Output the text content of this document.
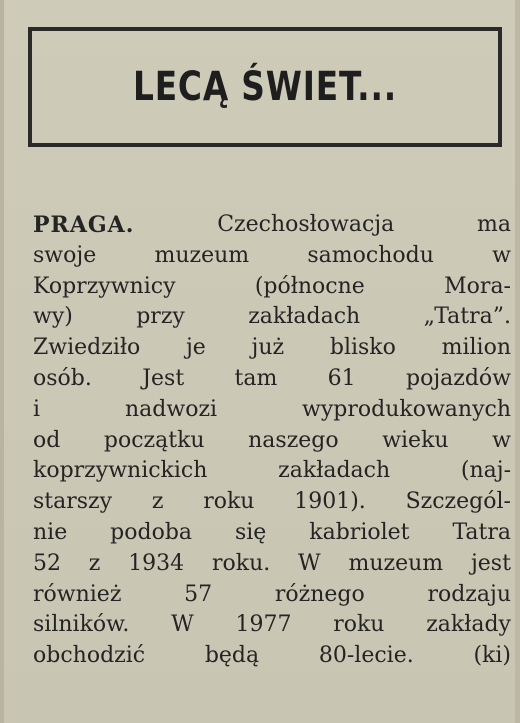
LECĄ ŚWIET...
PRAGA.	Czechosłowacja	ma
swoje	muzeum	samochodu	w
Koprzywnicy	(północne	Mora-
wy)	przy	zakładach	„Tatra”.
Zwiedziło je już blisko milion
osób. Jest tam 61 pojazdów
i	nadwozi	wyprodukowanych
od początku naszego wieku w
koprzywnickich	zakładach	(naj-
starszy z roku 1901). Szczegól‑
nie podoba się kabriolet Tatra
52 z 1934 roku. W muzeum jest
również	57	różnego	rodzaju
silników. W 1977 roku zakłady
obchodzić	będą	80-lecie.	(ki)
